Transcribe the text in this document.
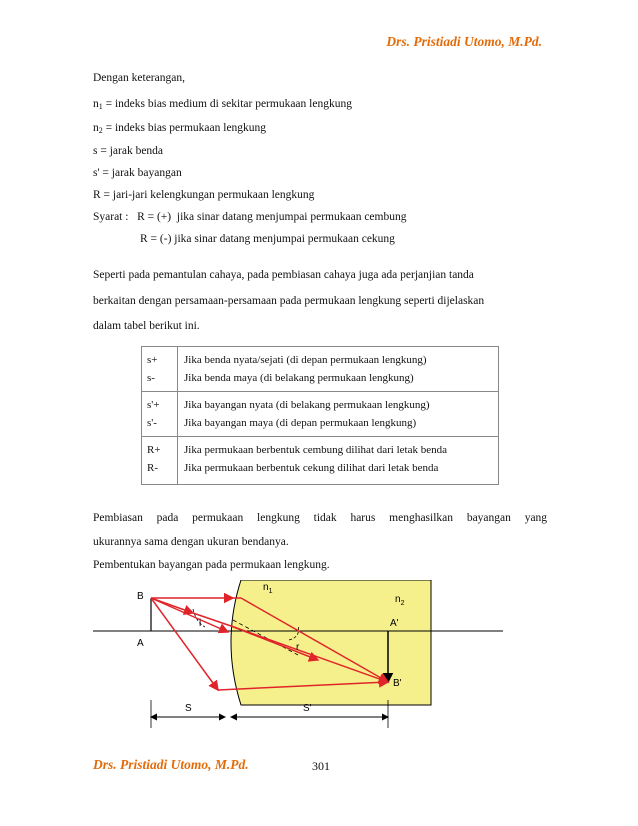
Drs. Pristiadi Utomo, M.Pd.
Dengan keterangan,
$n_1$ = indeks bias medium di sekitar permukaan lengkung
$n_2$ = indeks bias permukaan lengkung
s = jarak benda
s' = jarak bayangan
R = jari-jari kelengkungan permukaan lengkung
Syarat :   R = (+)  jika sinar datang menjumpai permukaan cembung
R = (-) jika sinar datang menjumpai permukaan cekung
Seperti pada pemantulan cahaya, pada pembiasan cahaya juga ada perjanjian tanda
berkaitan dengan persamaan-persamaan pada permukaan lengkung seperti dijelaskan
dalam tabel berikut ini.
s+
s-
Jika benda nyata/sejati (di depan permukaan lengkung)
Jika benda maya (di belakang permukaan lengkung)
s'+
s'-
Jika bayangan nyata (di belakang permukaan lengkung)
Jika bayangan maya (di depan permukaan lengkung)
R+
R-
Jika permukaan berbentuk cembung dilihat dari letak benda
Jika permukaan berbentuk cekung dilihat dari letak benda
Pembiasan pada permukaan lengkung tidak harus menghasilkan bayangan yang
ukurannya sama dengan ukuran bendanya.
Pembentukan bayangan pada permukaan lengkung.
B
A
$n_1$
$n_2$
A'
B'
i
r
S	S'
Drs. Pristiadi Utomo, M.Pd.	301
